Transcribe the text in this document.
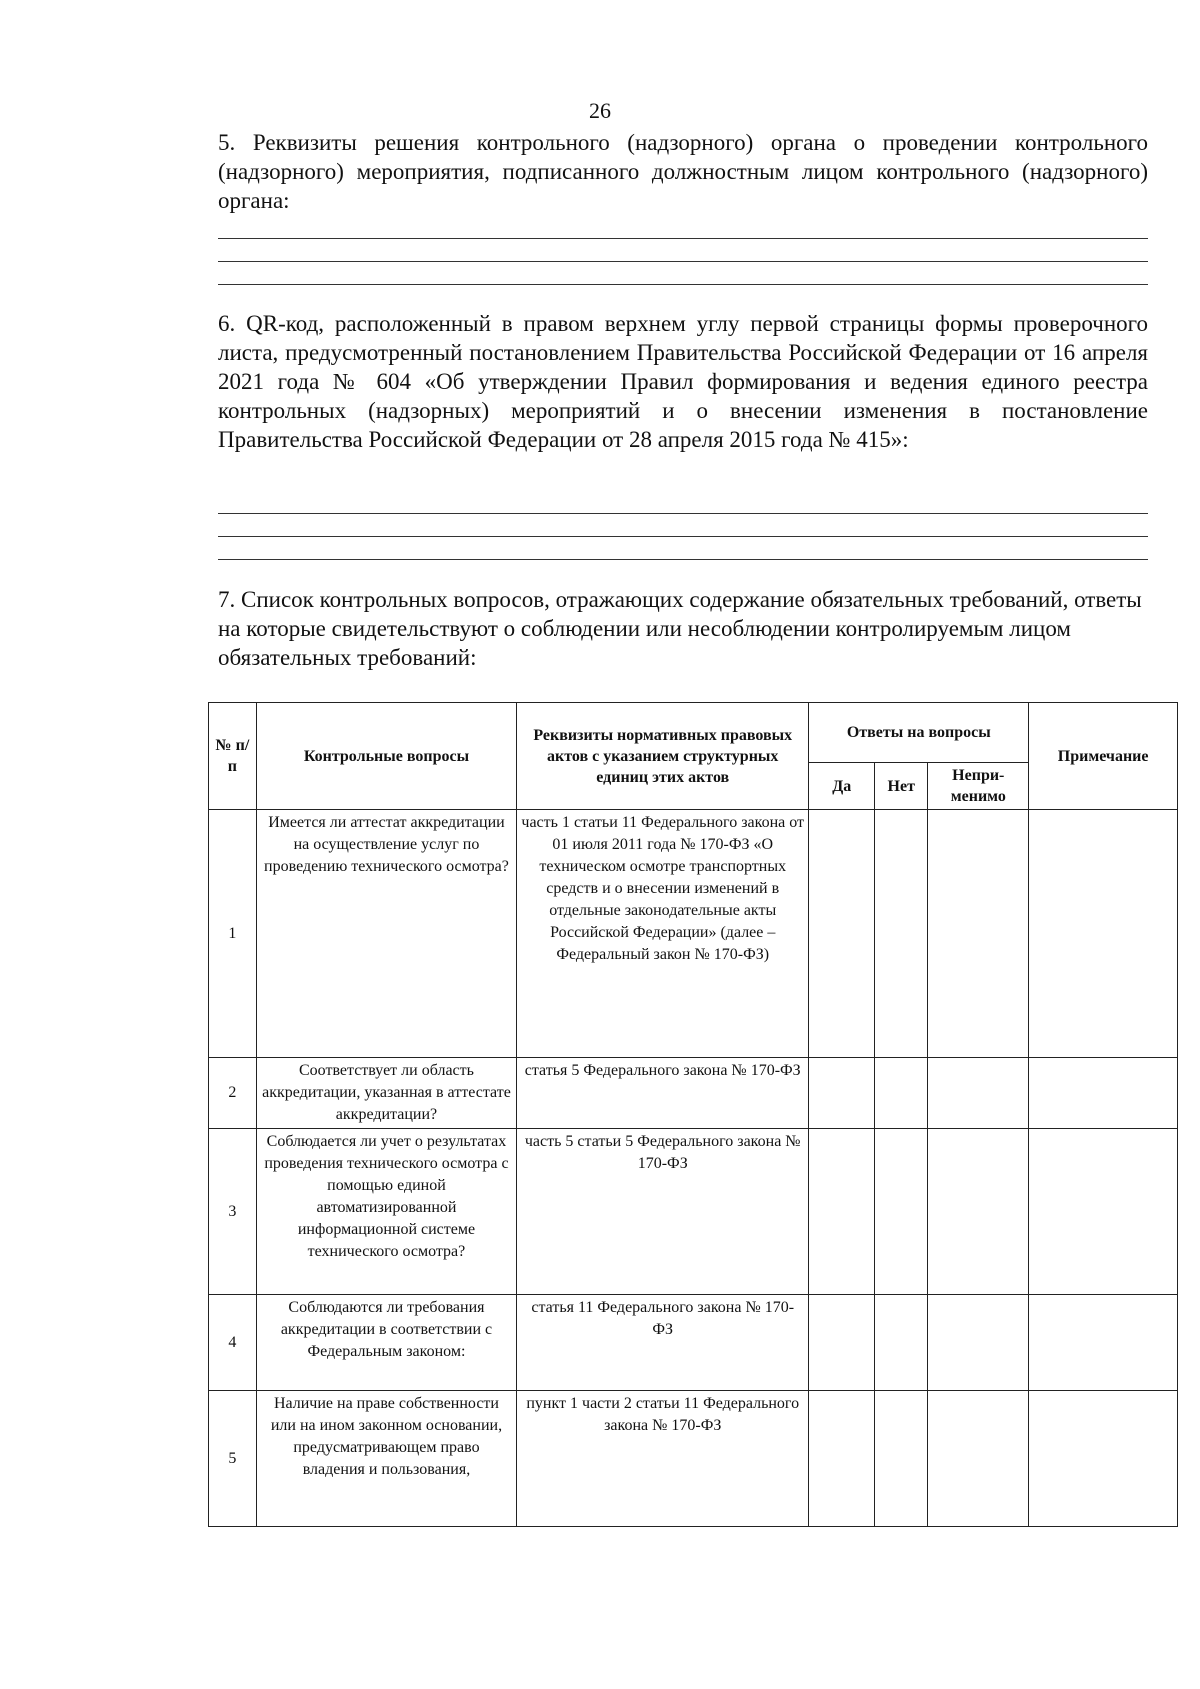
26
5. Реквизиты решения контрольного (надзорного) органа о проведении контрольного (надзорного) мероприятия, подписанного должностным лицом контрольного (надзорного) органа:
6. QR-код, расположенный в правом верхнем углу первой страницы формы проверочного листа, предусмотренный постановлением Правительства Российской Федерации от 16 апреля 2021 года № 604 «Об утверждении Правил формирования и ведения единого реестра контрольных (надзорных) мероприятий и о внесении изменения в постановление Правительства Российской Федерации от 28 апреля 2015 года № 415»:
7. Список контрольных вопросов, отражающих содержание обязательных требований, ответы на которые свидетельствуют о соблюдении или несоблюдении контролируемым лицом обязательных требований:
№ п/п	Контрольные вопросы	Реквизиты нормативных правовых актов с указанием структурных единиц этих актов	Ответы на вопросы			Примечание
			Да	Нет	Непри-менимо	
1	Имеется ли аттестат аккредитации на осуществление услуг по проведению технического осмотра?	часть 1 статьи 11 Федерального закона от 01 июля 2011 года № 170-ФЗ «О техническом осмотре транспортных средств и о внесении изменений в отдельные законодательные акты Российской Федерации» (далее – Федеральный закон № 170-ФЗ)				
2	Соответствует ли область аккредитации, указанная в аттестате аккредитации?	статья 5 Федерального закона № 170-ФЗ				
3	Соблюдается ли учет о результатах проведения технического осмотра с помощью единой автоматизированной информационной системе технического осмотра?	часть 5 статьи 5 Федерального закона № 170-ФЗ				
4	Соблюдаются ли требования аккредитации в соответствии с Федеральным законом:	статья 11 Федерального закона № 170-ФЗ				
5	Наличие на праве собственности или на ином законном основании, предусматривающем право владения и пользования,	пункт 1 части 2 статьи 11 Федерального закона № 170-ФЗ				
